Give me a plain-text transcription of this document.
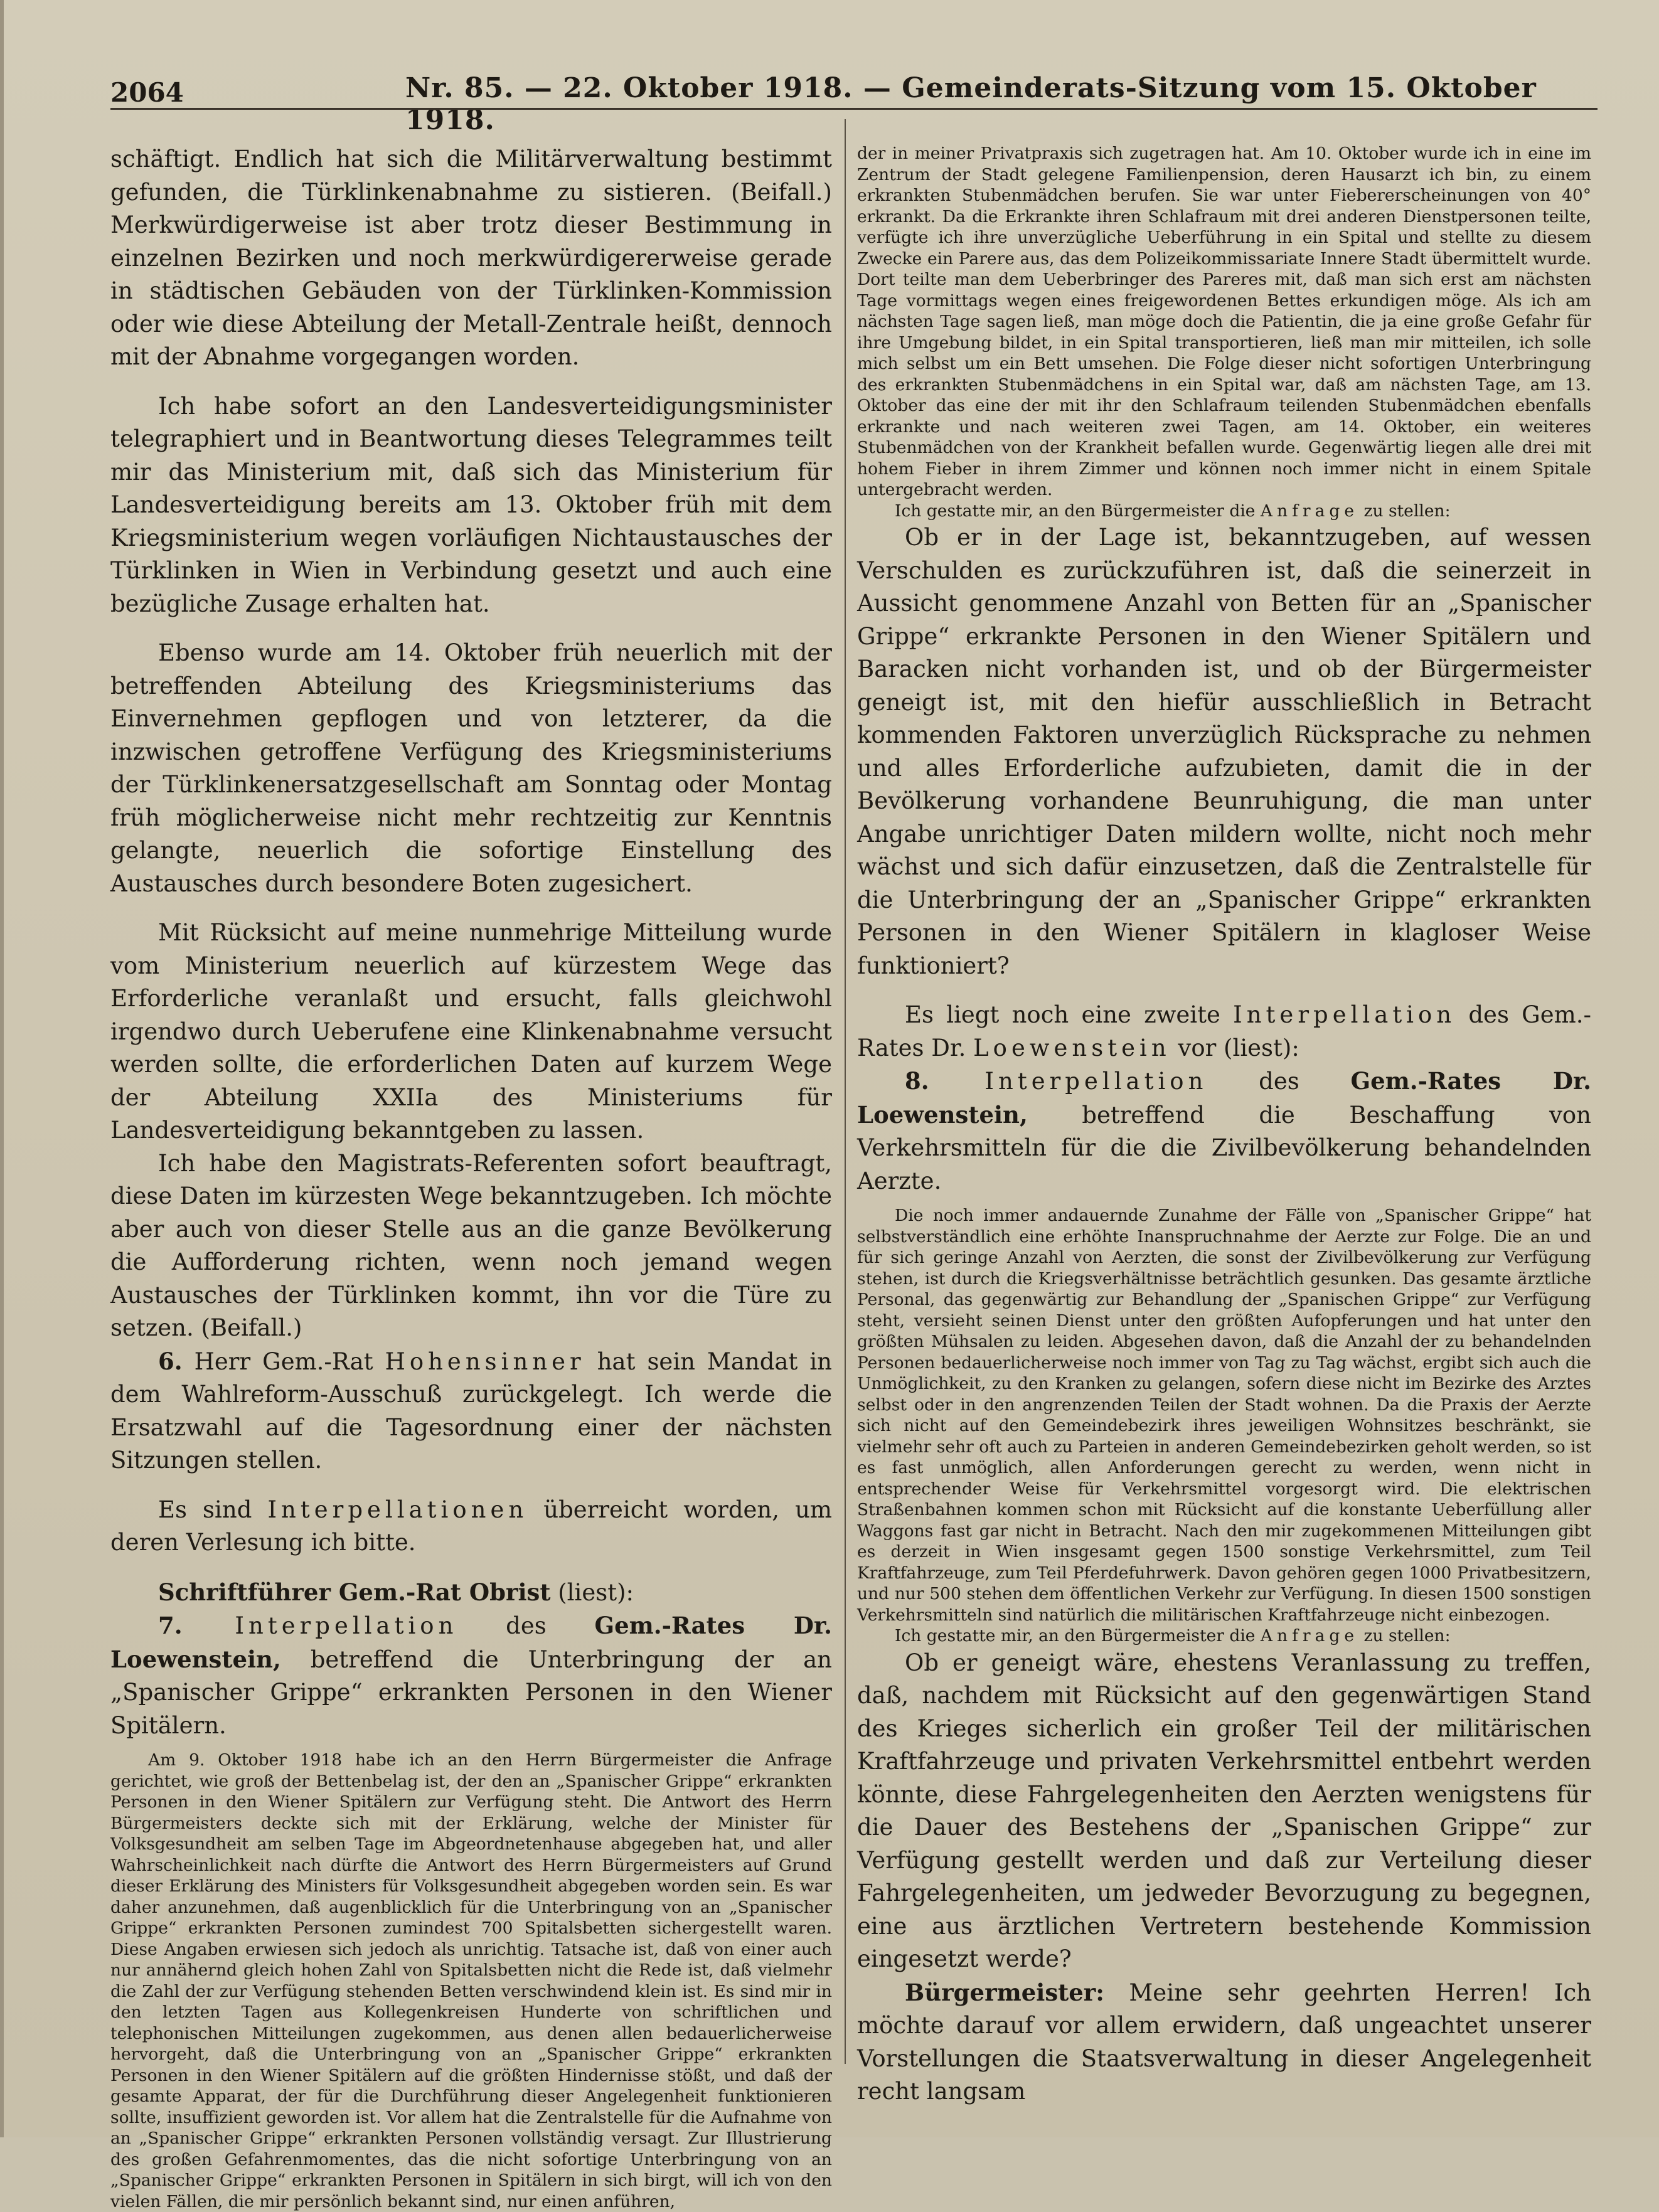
2064	Nr. 85. — 22. Oktober 1918. — Gemeinderats-Sitzung vom 15. Oktober 1918.

schäftigt. Endlich hat sich die Militärverwaltung bestimmt gefunden, die Türklinkenabnahme zu sistieren. (Beifall.) Merkwürdigerweise ist aber trotz dieser Bestimmung in einzelnen Bezirken und noch merkwürdigererweise gerade in städtischen Gebäuden von der Türklinken-Kommission oder wie diese Abteilung der Metall-Zentrale heißt, dennoch mit der Abnahme vorgegangen worden.

Ich habe sofort an den Landesverteidigungsminister telegraphiert und in Beantwortung dieses Telegrammes teilt mir das Ministerium mit, daß sich das Ministerium für Landesverteidigung bereits am 13. Oktober früh mit dem Kriegsministerium wegen vorläufigen Nichtaustausches der Türklinken in Wien in Verbindung gesetzt und auch eine bezügliche Zusage erhalten hat.

Ebenso wurde am 14. Oktober früh neuerlich mit der betreffenden Abteilung des Kriegsministeriums das Einvernehmen gepflogen und von letzterer, da die inzwischen getroffene Verfügung des Kriegsministeriums der Türklinkenersatzgesellschaft am Sonntag oder Montag früh möglicherweise nicht mehr rechtzeitig zur Kenntnis gelangte, neuerlich die sofortige Einstellung des Austausches durch besondere Boten zugesichert.

Mit Rücksicht auf meine nunmehrige Mitteilung wurde vom Ministerium neuerlich auf kürzestem Wege das Erforderliche veranlaßt und ersucht, falls gleichwohl irgendwo durch Ueberufene eine Klinkenabnahme versucht werden sollte, die erforderlichen Daten auf kurzem Wege der Abteilung XXIIa des Ministeriums für Landesverteidigung bekanntgeben zu lassen.

Ich habe den Magistrats-Referenten sofort beauftragt, diese Daten im kürzesten Wege bekanntzugeben. Ich möchte aber auch von dieser Stelle aus an die ganze Bevölkerung die Aufforderung richten, wenn noch jemand wegen Austausches der Türklinken kommt, ihn vor die Türe zu setzen. (Beifall.)

6. Herr Gem.-Rat Hohensinner hat sein Mandat in dem Wahlreform-Ausschuß zurückgelegt. Ich werde die Ersatzwahl auf die Tagesordnung einer der nächsten Sitzungen stellen.

Es sind Interpellationen überreicht worden, um deren Verlesung ich bitte.

Schriftführer Gem.-Rat Obrist (liest):

7. Interpellation des Gem.-Rates Dr. Loewenstein, betreffend die Unterbringung der an „Spanischer Grippe“ erkrankten Personen in den Wiener Spitälern.

Am 9. Oktober 1918 habe ich an den Herrn Bürgermeister die Anfrage gerichtet, wie groß der Bettenbelag ist, der den an „Spanischer Grippe“ erkrankten Personen in den Wiener Spitälern zur Verfügung steht. Die Antwort des Herrn Bürgermeisters deckte sich mit der Erklärung, welche der Minister für Volksgesundheit am selben Tage im Abgeordnetenhause abgegeben hat, und aller Wahrscheinlichkeit nach dürfte die Antwort des Herrn Bürgermeisters auf Grund dieser Erklärung des Ministers für Volksgesundheit abgegeben worden sein. Es war daher anzunehmen, daß augenblicklich für die Unterbringung von an „Spanischer Grippe“ erkrankten Personen zumindest 700 Spitalsbetten sichergestellt waren. Diese Angaben erwiesen sich jedoch als unrichtig. Tatsache ist, daß von einer auch nur annähernd gleich hohen Zahl von Spitalsbetten nicht die Rede ist, daß vielmehr die Zahl der zur Verfügung stehenden Betten verschwindend klein ist. Es sind mir in den letzten Tagen aus Kollegenkreisen Hunderte von schriftlichen und telephonischen Mitteilungen zugekommen, aus denen allen bedauerlicherweise hervorgeht, daß die Unterbringung von an „Spanischer Grippe“ erkrankten Personen in den Wiener Spitälern auf die größten Hindernisse stößt, und daß der gesamte Apparat, der für die Durchführung dieser Angelegenheit funktionieren sollte, insuffizient geworden ist. Vor allem hat die Zentralstelle für die Aufnahme von an „Spanischer Grippe“ erkrankten Personen vollständig versagt. Zur Illustrierung des großen Gefahrenmomentes, das die nicht sofortige Unterbringung von an „Spanischer Grippe“ erkrankten Personen in Spitälern in sich birgt, will ich von den vielen Fällen, die mir persönlich bekannt sind, nur einen anführen,

der in meiner Privatpraxis sich zugetragen hat. Am 10. Oktober wurde ich in eine im Zentrum der Stadt gelegene Familienpension, deren Hausarzt ich bin, zu einem erkrankten Stubenmädchen berufen. Sie war unter Fiebererscheinungen von 40° erkrankt. Da die Erkrankte ihren Schlafraum mit drei anderen Dienstpersonen teilte, verfügte ich ihre unverzügliche Ueberführung in ein Spital und stellte zu diesem Zwecke ein Parere aus, das dem Polizeikommissariate Innere Stadt übermittelt wurde. Dort teilte man dem Ueberbringer des Pareres mit, daß man sich erst am nächsten Tage vormittags wegen eines freigewordenen Bettes erkundigen möge. Als ich am nächsten Tage sagen ließ, man möge doch die Patientin, die ja eine große Gefahr für ihre Umgebung bildet, in ein Spital transportieren, ließ man mir mitteilen, ich solle mich selbst um ein Bett umsehen. Die Folge dieser nicht sofortigen Unterbringung des erkrankten Stubenmädchens in ein Spital war, daß am nächsten Tage, am 13. Oktober das eine der mit ihr den Schlafraum teilenden Stubenmädchen ebenfalls erkrankte und nach weiteren zwei Tagen, am 14. Oktober, ein weiteres Stubenmädchen von der Krankheit befallen wurde. Gegenwärtig liegen alle drei mit hohem Fieber in ihrem Zimmer und können noch immer nicht in einem Spitale untergebracht werden.

Ich gestatte mir, an den Bürgermeister die Anfrage zu stellen:

Ob er in der Lage ist, bekanntzugeben, auf wessen Verschulden es zurückzuführen ist, daß die seinerzeit in Aussicht genommene Anzahl von Betten für an „Spanischer Grippe“ erkrankte Personen in den Wiener Spitälern und Baracken nicht vorhanden ist, und ob der Bürgermeister geneigt ist, mit den hiefür ausschließlich in Betracht kommenden Faktoren unverzüglich Rücksprache zu nehmen und alles Erforderliche aufzubieten, damit die in der Bevölkerung vorhandene Beunruhigung, die man unter Angabe unrichtiger Daten mildern wollte, nicht noch mehr wächst und sich dafür einzusetzen, daß die Zentralstelle für die Unterbringung der an „Spanischer Grippe“ erkrankten Personen in den Wiener Spitälern in klagloser Weise funktioniert?

Es liegt noch eine zweite Interpellation des Gem.-Rates Dr. Loewenstein vor (liest):

8. Interpellation des Gem.-Rates Dr. Loewenstein, betreffend die Beschaffung von Verkehrsmitteln für die die Zivilbevölkerung behandelnden Aerzte.

Die noch immer andauernde Zunahme der Fälle von „Spanischer Grippe“ hat selbstverständlich eine erhöhte Inanspruchnahme der Aerzte zur Folge. Die an und für sich geringe Anzahl von Aerzten, die sonst der Zivilbevölkerung zur Verfügung stehen, ist durch die Kriegsverhältnisse beträchtlich gesunken. Das gesamte ärztliche Personal, das gegenwärtig zur Behandlung der „Spanischen Grippe“ zur Verfügung steht, versieht seinen Dienst unter den größten Aufopferungen und hat unter den größten Mühsalen zu leiden. Abgesehen davon, daß die Anzahl der zu behandelnden Personen bedauerlicherweise noch immer von Tag zu Tag wächst, ergibt sich auch die Unmöglichkeit, zu den Kranken zu gelangen, sofern diese nicht im Bezirke des Arztes selbst oder in den angrenzenden Teilen der Stadt wohnen. Da die Praxis der Aerzte sich nicht auf den Gemeindebezirk ihres jeweiligen Wohnsitzes beschränkt, sie vielmehr sehr oft auch zu Parteien in anderen Gemeindebezirken geholt werden, so ist es fast unmöglich, allen Anforderungen gerecht zu werden, wenn nicht in entsprechender Weise für Verkehrsmittel vorgesorgt wird. Die elektrischen Straßenbahnen kommen schon mit Rücksicht auf die konstante Ueberfüllung aller Waggons fast gar nicht in Betracht. Nach den mir zugekommenen Mitteilungen gibt es derzeit in Wien insgesamt gegen 1500 sonstige Verkehrsmittel, zum Teil Kraftfahrzeuge, zum Teil Pferdefuhrwerk. Davon gehören gegen 1000 Privatbesitzern, und nur 500 stehen dem öffentlichen Verkehr zur Verfügung. In diesen 1500 sonstigen Verkehrsmitteln sind natürlich die militärischen Kraftfahrzeuge nicht einbezogen.

Ich gestatte mir, an den Bürgermeister die Anfrage zu stellen:

Ob er geneigt wäre, ehestens Veranlassung zu treffen, daß, nachdem mit Rücksicht auf den gegenwärtigen Stand des Krieges sicherlich ein großer Teil der militärischen Kraftfahrzeuge und privaten Verkehrsmittel entbehrt werden könnte, diese Fahrgelegenheiten den Aerzten wenigstens für die Dauer des Bestehens der „Spanischen Grippe“ zur Verfügung gestellt werden und daß zur Verteilung dieser Fahrgelegenheiten, um jedweder Bevorzugung zu begegnen, eine aus ärztlichen Vertretern bestehende Kommission eingesetzt werde?

Bürgermeister: Meine sehr geehrten Herren! Ich möchte darauf vor allem erwidern, daß ungeachtet unserer Vorstellungen die Staatsverwaltung in dieser Angelegenheit recht langsam
